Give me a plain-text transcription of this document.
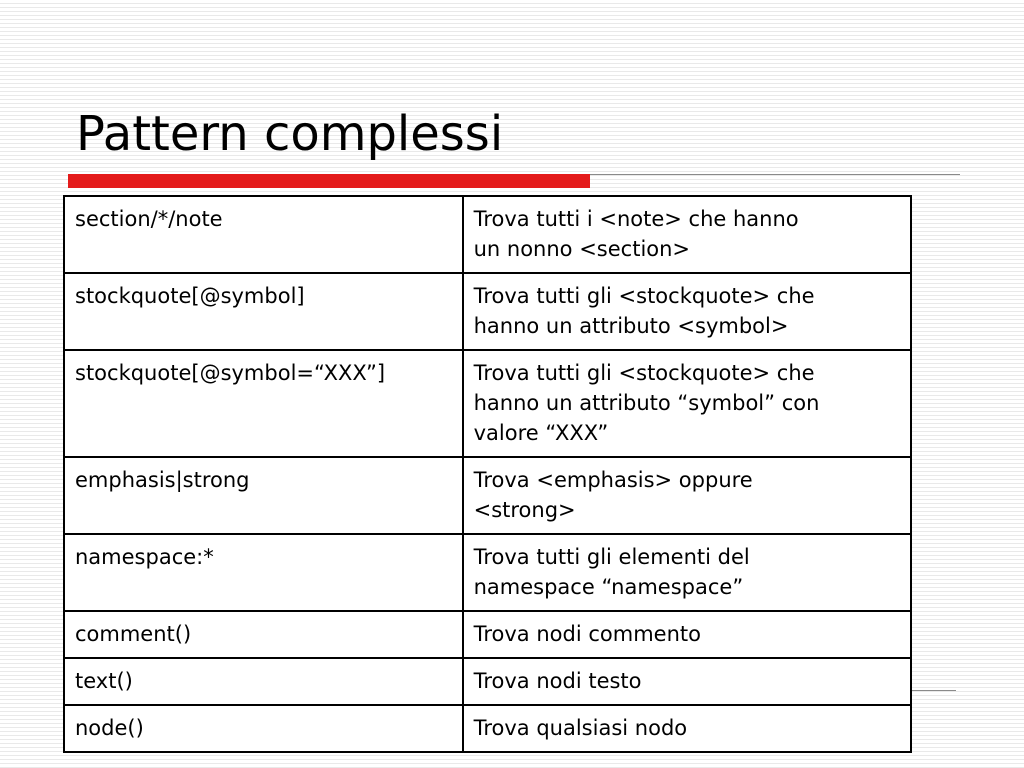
Pattern complessi
section/*/note	Trova tutti i <note> che hanno
un nonno <section>

stockquote[@symbol]	Trova tutti gli <stockquote> che
hanno un attributo <symbol>

stockquote[@symbol=“XXX”]	Trova tutti gli <stockquote> che
hanno un attributo “symbol” con
valore “XXX”

emphasis|strong	Trova <emphasis> oppure
<strong>

namespace:*	Trova tutti gli elementi del
namespace “namespace”

comment()	Trova nodi commento

text()	Trova nodi testo

node()	Trova qualsiasi nodo
